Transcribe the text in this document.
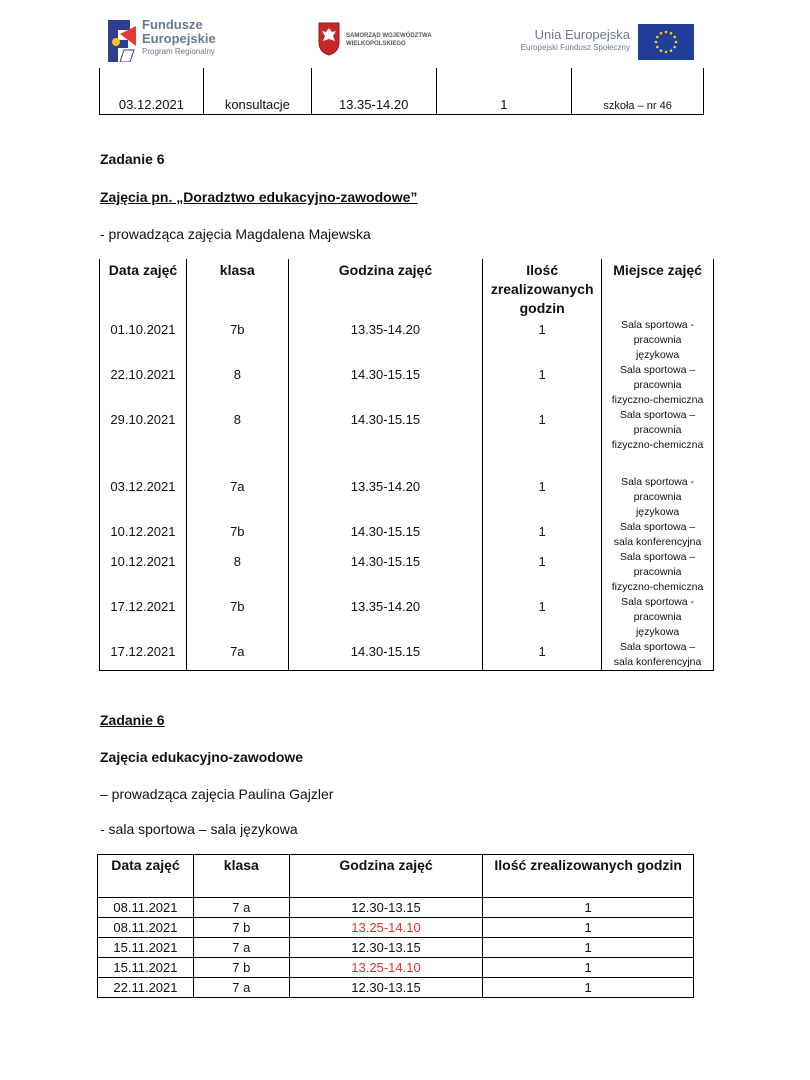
Fundusze
Europejskie
Program Regionalny
SAMORZĄD WOJEWÓDZTWA
WIELKOPOLSKIEGO
Unia Europejska
Europejski Fundusz Społeczny
03.12.2021	konsultacje	13.35-14.20	1	szkoła – nr 46
Zadanie 6
Zajęcia pn. „Doradztwo edukacyjno-zawodowe”
- prowadząca zajęcia Magdalena Majewska
Data zajęć	klasa	Godzina zajęć	Ilość
zrealizowanych
godzin	Miejsce zajęć
01.10.2021	7b	13.35-14.20	1	Sala sportowa -
pracownia
językowa

22.10.2021	8	14.30-15.15	1	Sala sportowa –
pracownia
fizyczno-chemiczna

29.10.2021	8	14.30-15.15	1	Sala sportowa –
pracownia
fizyczno-chemiczna

03.12.2021	7a	13.35-14.20	1	Sala sportowa -
pracownia
językowa

10.12.2021	7b	14.30-15.15	1	Sala sportowa –
sala konferencyjna

10.12.2021	8	14.30-15.15	1	Sala sportowa –
pracownia
fizyczno-chemiczna

17.12.2021	7b	13.35-14.20	1	Sala sportowa -
pracownia
językowa

17.12.2021	7a	14.30-15.15	1	Sala sportowa –
sala konferencyjna
Zadanie 6
Zajęcia edukacyjno-zawodowe
– prowadząca zajęcia Paulina Gajzler
- sala sportowa – sala językowa
Data zajęć	klasa	Godzina zajęć	Ilość zrealizowanych godzin
08.11.2021	7 a	12.30-13.15	1
08.11.2021	7 b	13.25-14.10	1
15.11.2021	7 a	12.30-13.15	1
15.11.2021	7 b	13.25-14.10	1
22.11.2021	7 a	12.30-13.15	1
